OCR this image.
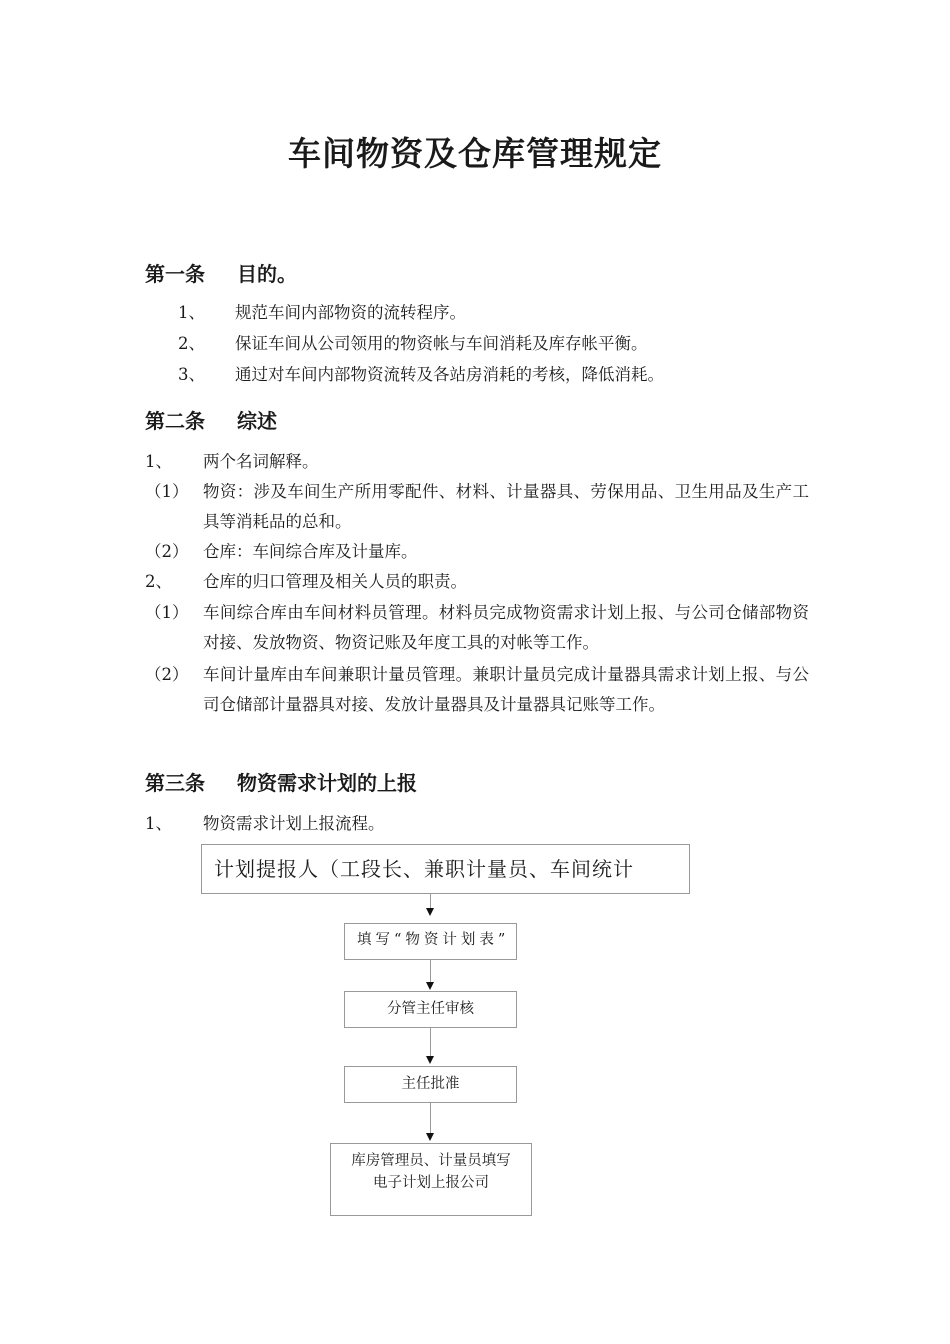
车间物资及仓库管理规定
第一条 目的。
1、 规范车间内部物资的流转程序。
2、 保证车间从公司领用的物资帐与车间消耗及库存帐平衡。
3、 通过对车间内部物资流转及各站房消耗的考核，降低消耗。
第二条 综述
1、 两个名词解释。
（1） 物资：涉及车间生产所用零配件、材料、计量器具、劳保用品、卫生用品及生产工具等消耗品的总和。
（2） 仓库：车间综合库及计量库。
2、 仓库的归口管理及相关人员的职责。
（1） 车间综合库由车间材料员管理。材料员完成物资需求计划上报、与公司仓储部物资对接、发放物资、物资记账及年度工具的对帐等工作。
（2） 车间计量库由车间兼职计量员管理。兼职计量员完成计量器具需求计划上报、与公司仓储部计量器具对接、发放计量器具及计量器具记账等工作。
第三条 物资需求计划的上报
1、 物资需求计划上报流程。
计划提报人（工段长、兼职计量员、车间统计
填写“物资计划表”
分管主任审核
主任批准
库房管理员、计量员填写电子计划上报公司
